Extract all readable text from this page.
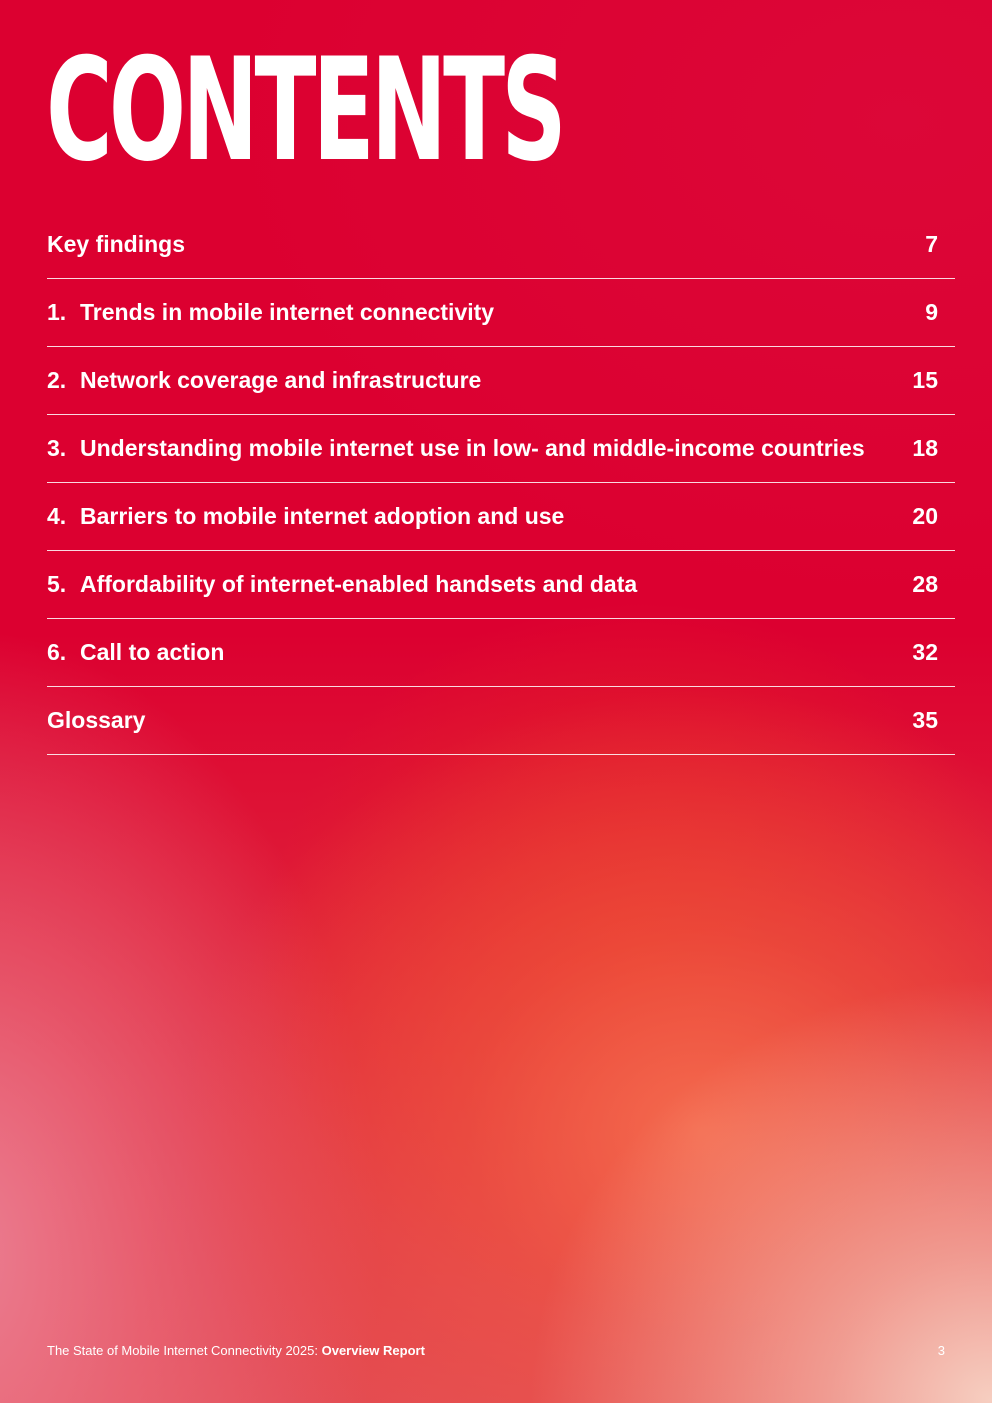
CONTENTS
Key findings	7
1. Trends in mobile internet connectivity	9
2. Network coverage and infrastructure	15
3. Understanding mobile internet use in low- and middle-income countries	18
4. Barriers to mobile internet adoption and use	20
5. Affordability of internet-enabled handsets and data	28
6. Call to action	32
Glossary	35
The State of Mobile Internet Connectivity 2025: Overview Report	3
